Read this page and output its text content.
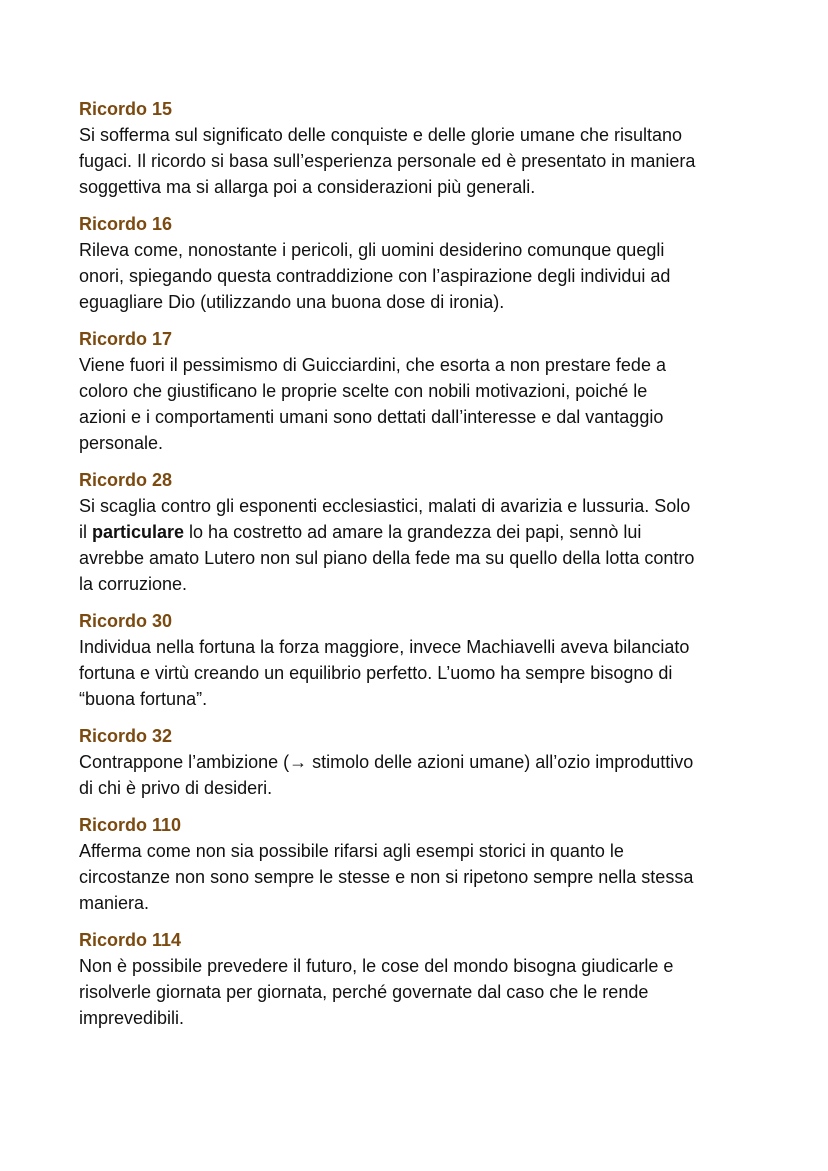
Ricordo 15
Si sofferma sul significato delle conquiste e delle glorie umane che risultano
fugaci. Il ricordo si basa sull’esperienza personale ed è presentato in maniera
soggettiva ma si allarga poi a considerazioni più generali.
Ricordo 16
Rileva come, nonostante i pericoli, gli uomini desiderino comunque quegli
onori, spiegando questa contraddizione con l’aspirazione degli individui ad
eguagliare Dio (utilizzando una buona dose di ironia).
Ricordo 17
Viene fuori il pessimismo di Guicciardini, che esorta a non prestare fede a
coloro che giustificano le proprie scelte con nobili motivazioni, poiché le
azioni e i comportamenti umani sono dettati dall’interesse e dal vantaggio
personale.
Ricordo 28
Si scaglia contro gli esponenti ecclesiastici, malati di avarizia e lussuria. Solo
il particulare lo ha costretto ad amare la grandezza dei papi, sennò lui
avrebbe amato Lutero non sul piano della fede ma su quello della lotta contro
la corruzione.
Ricordo 30
Individua nella fortuna la forza maggiore, invece Machiavelli aveva bilanciato
fortuna e virtù creando un equilibrio perfetto. L’uomo ha sempre bisogno di
“buona fortuna”.
Ricordo 32
Contrappone l’ambizione (→ stimolo delle azioni umane) all’ozio improduttivo
di chi è privo di desideri.
Ricordo 110
Afferma come non sia possibile rifarsi agli esempi storici in quanto le
circostanze non sono sempre le stesse e non si ripetono sempre nella stessa
maniera.
Ricordo 114
Non è possibile prevedere il futuro, le cose del mondo bisogna giudicarle e
risolverle giornata per giornata, perché governate dal caso che le rende
imprevedibili.
